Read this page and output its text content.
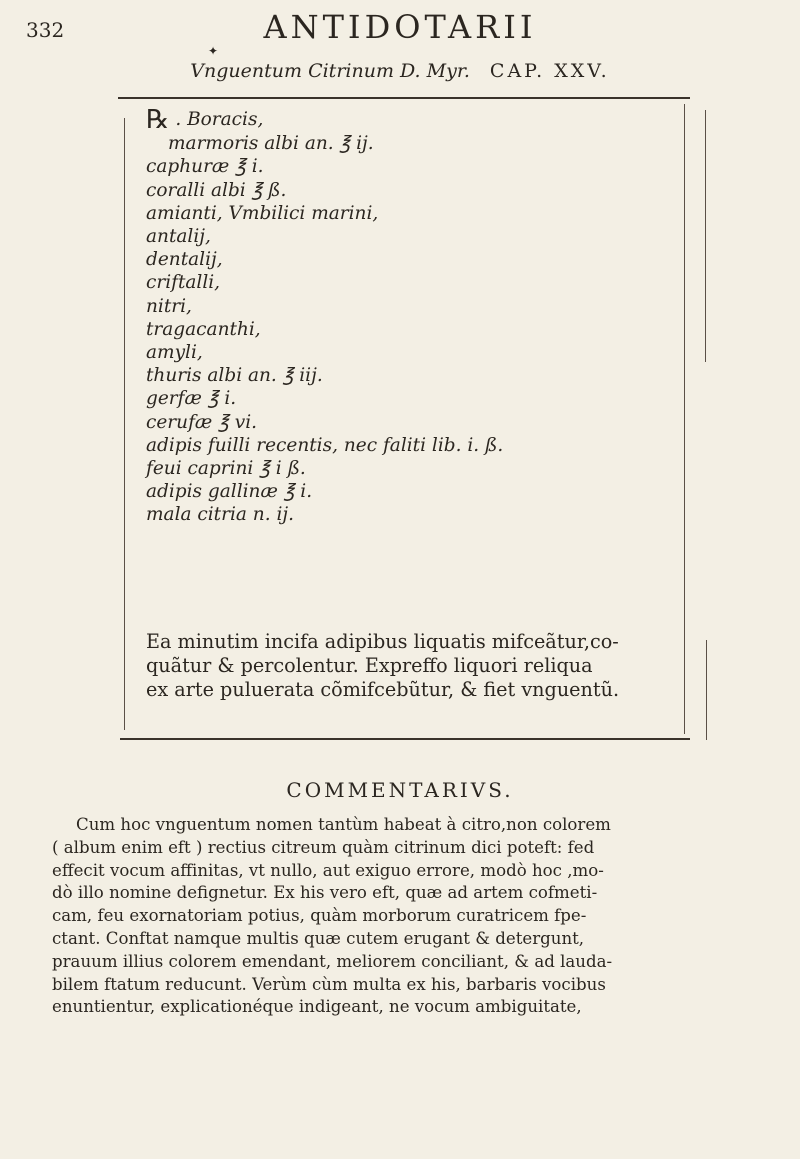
332	ANTIDOTARII
✦
Vnguentum Citrinum D. Myr. CAP. XXV.
℞ . Boracis,
marmoris albi an. ℥ ij.
caphuræ ℥ i.
coralli albi ℥ ß.
amianti, Vmbilici marini,
antalij,
dentalij,
criftalli,
nitri,
tragacanthi,
amyli,
thuris albi an. ℥ iij.
gerfæ ℥ i.
cerufæ ℥ vi.
adipis fuilli recentis, nec faliti lib. i. ß.
feui caprini ℥ i ß.
adipis gallinæ ℥ i.
mala citria n. ij.
Ea minutim incifa adipibus liquatis mifceãtur,co-
quãtur & percolentur. Expreffo liquori reliqua
ex arte puluerata cõmifcebũtur, & fiet vnguentũ.
COMMENTARIVS.
Cum hoc vnguentum nomen tantùm habeat à citro,non colorem
( album enim eft ) rectius citreum quàm citrinum dici poteft: fed
effecit vocum affinitas, vt nullo, aut exiguo errore, modò hoc ,mo-
dò illo nomine defignetur. Ex his vero eft, quæ ad artem cofmeti-
cam, feu exornatoriam potius, quàm morborum curatricem fpe-
ctant. Conftat namque multis quæ cutem erugant & detergunt,
prauum illius colorem emendant, meliorem conciliant, & ad lauda-
bilem ftatum reducunt. Verùm cùm multa ex his, barbaris vocibus
enuntientur, explicationéque indigeant, ne vocum ambiguitate,
